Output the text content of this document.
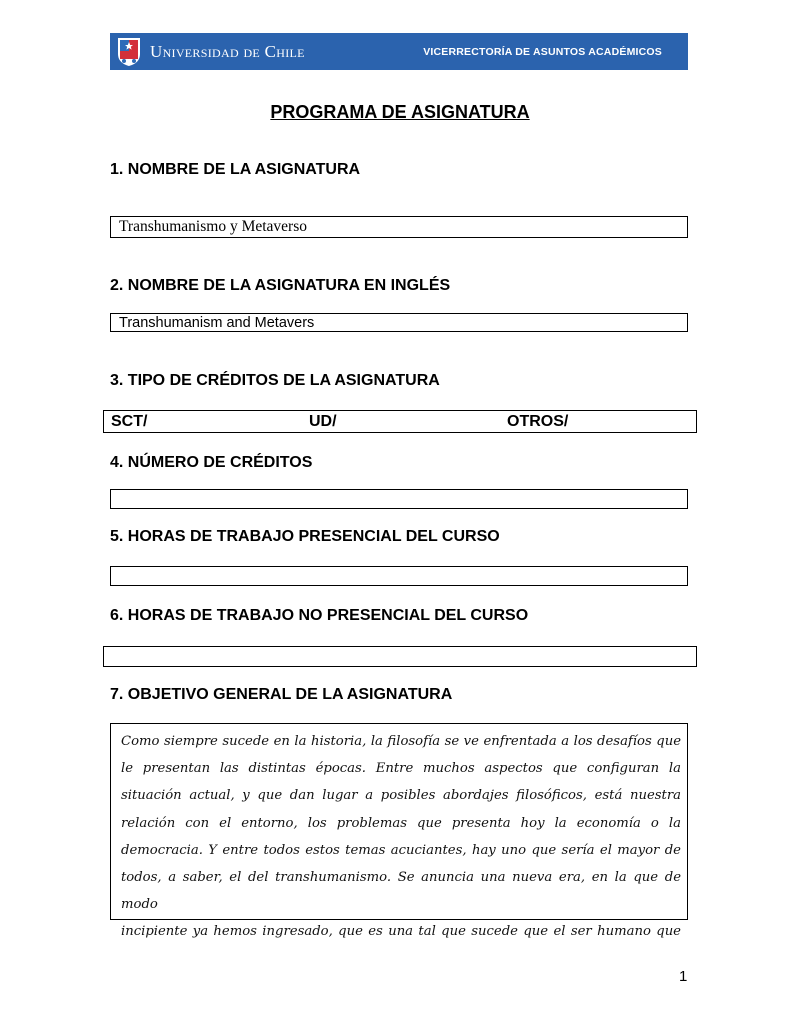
Universidad de Chile	VICERRECTORÍA DE ASUNTOS ACADÉMICOS
PROGRAMA DE ASIGNATURA
1. NOMBRE DE LA ASIGNATURA
Transhumanismo y Metaverso
2. NOMBRE DE LA ASIGNATURA EN INGLÉS
Transhumanism and Metavers
3. TIPO DE CRÉDITOS DE LA ASIGNATURA
SCT/	UD/	OTROS/
4. NÚMERO DE CRÉDITOS
5. HORAS DE TRABAJO PRESENCIAL DEL CURSO
6. HORAS DE TRABAJO NO PRESENCIAL DEL CURSO
7. OBJETIVO GENERAL DE LA ASIGNATURA

Como siempre sucede en la historia, la filosofía se ve enfrentada a los desafíos que

le presentan las distintas épocas. Entre muchos aspectos que configuran la

situación actual, y que dan lugar a posibles abordajes filosóficos, está nuestra

relación con el entorno, los problemas que presenta hoy la economía o la

democracia. Y entre todos estos temas acuciantes, hay uno que sería el mayor de

todos, a saber, el del transhumanismo. Se anuncia una nueva era, en la que de modo

incipiente ya hemos ingresado, que es una tal que sucede que el ser humano que

1
